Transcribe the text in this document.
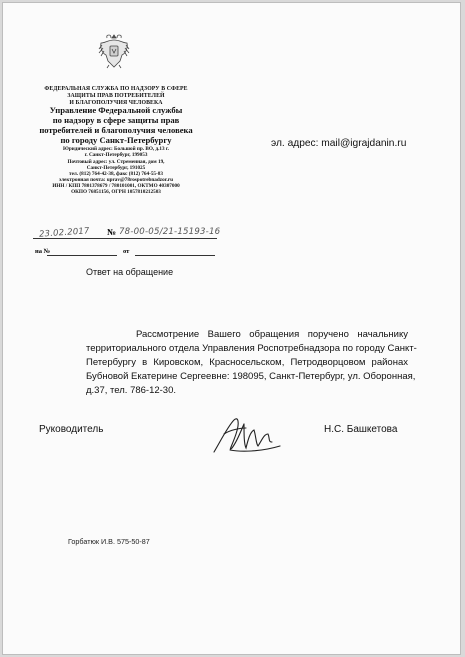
ФЕДЕРАЛЬНАЯ СЛУЖБА ПО НАДЗОРУ В СФЕРЕ
ЗАЩИТЫ ПРАВ ПОТРЕБИТЕЛЕЙ
И БЛАГОПОЛУЧИЯ ЧЕЛОВЕКА
Управление Федеральной службы
по надзору в сфере защиты прав
потребителей и благополучия человека
по городу Санкт-Петербургу
Юридический адрес: Большой пр. ВО, д.13 г.
г. Санкт-Петербург, 199053
Почтовый адрес: ул. Стременная, дом 19,
Санкт-Петербург, 191025
тел. (812) 764-42-38, факс (812) 764-55-83
электронная почта: uprav@78rospotrebnadzor.ru
ИНН / КПП 7801378679 / 780101001, ОКТМО 40307000
ОКПО 76851156, ОГРН 1057810212503
23.02.2017 № 78-00-05/21-15193-16
на №	от
эл. адрес: mail@igrajdanin.ru
Ответ на обращение
Рассмотрение Вашего обращения поручено начальнику
территориального отдела Управления Роспотребнадзора по городу Санкт-
Петербургу в Кировском, Красносельском, Петродворцовом районах
Бубновой Екатерине Сергеевне: 198095, Санкт-Петербург, ул. Оборонная,
д.37, тел. 786-12-30.
Руководитель	Н.С. Башкетова
Горбатюк И.В. 575-50-87
